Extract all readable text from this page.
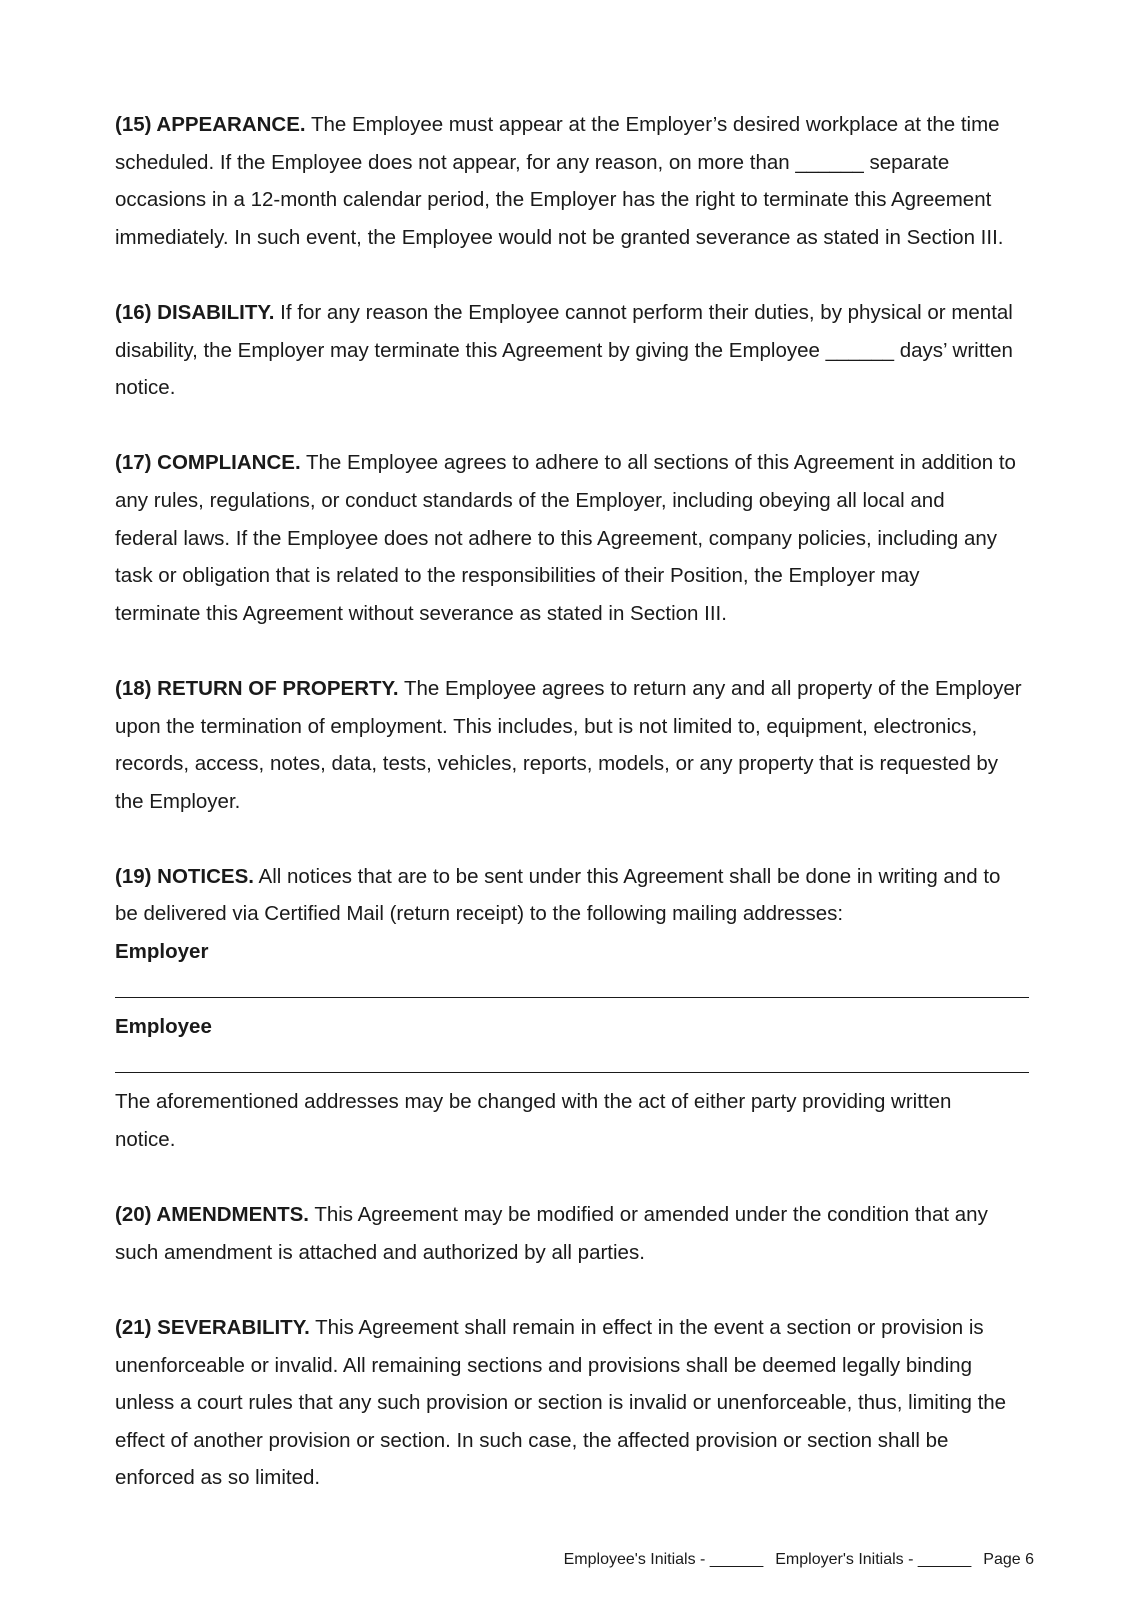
(15) APPEARANCE. The Employee must appear at the Employer’s desired workplace at the time
scheduled. If the Employee does not appear, for any reason, on more than ______ separate
occasions in a 12-month calendar period, the Employer has the right to terminate this Agreement
immediately. In such event, the Employee would not be granted severance as stated in Section III.
(16) DISABILITY. If for any reason the Employee cannot perform their duties, by physical or mental
disability, the Employer may terminate this Agreement by giving the Employee ______ days’ written
notice.
(17) COMPLIANCE. The Employee agrees to adhere to all sections of this Agreement in addition to
any rules, regulations, or conduct standards of the Employer, including obeying all local and
federal laws. If the Employee does not adhere to this Agreement, company policies, including any
task or obligation that is related to the responsibilities of their Position, the Employer may
terminate this Agreement without severance as stated in Section III.
(18) RETURN OF PROPERTY. The Employee agrees to return any and all property of the Employer
upon the termination of employment. This includes, but is not limited to, equipment, electronics,
records, access, notes, data, tests, vehicles, reports, models, or any property that is requested by
the Employer.
(19) NOTICES. All notices that are to be sent under this Agreement shall be done in writing and to
be delivered via Certified Mail (return receipt) to the following mailing addresses:
Employer
Employee
The aforementioned addresses may be changed with the act of either party providing written
notice.
(20) AMENDMENTS. This Agreement may be modified or amended under the condition that any
such amendment is attached and authorized by all parties.
(21) SEVERABILITY. This Agreement shall remain in effect in the event a section or provision is
unenforceable or invalid. All remaining sections and provisions shall be deemed legally binding
unless a court rules that any such provision or section is invalid or unenforceable, thus, limiting the
effect of another provision or section. In such case, the affected provision or section shall be
enforced as so limited.
Employee's Initials - ______ Employer's Initials - ______ Page 6
